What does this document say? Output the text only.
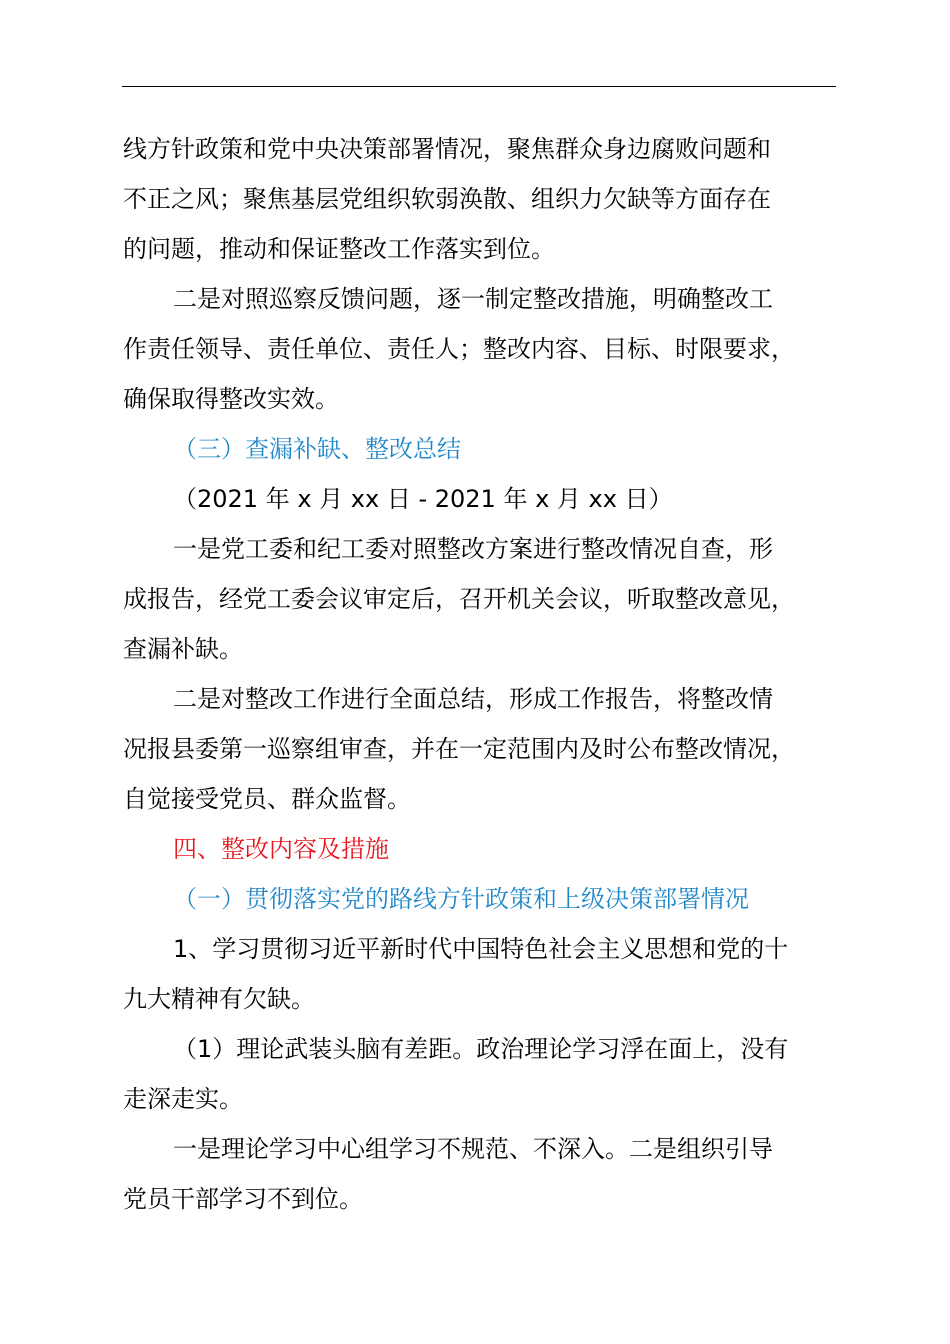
线方针政策和党中央决策部署情况，聚焦群众身边腐败问题和

不正之风；聚焦基层党组织软弱涣散、组织力欠缺等方面存在

的问题，推动和保证整改工作落实到位。

二是对照巡察反馈问题，逐一制定整改措施，明确整改工

作责任领导、责任单位、责任人；整改内容、目标、时限要求，

确保取得整改实效。

（三）查漏补缺、整改总结

（2021 年 x 月 xx 日 - 2021 年 x 月 xx 日）

一是党工委和纪工委对照整改方案进行整改情况自查，形

成报告，经党工委会议审定后，召开机关会议，听取整改意见，

查漏补缺。

二是对整改工作进行全面总结，形成工作报告，将整改情

况报县委第一巡察组审查，并在一定范围内及时公布整改情况，

自觉接受党员、群众监督。

四、整改内容及措施

（一）贯彻落实党的路线方针政策和上级决策部署情况

1、学习贯彻习近平新时代中国特色社会主义思想和党的十

九大精神有欠缺。

（1）理论武装头脑有差距。政治理论学习浮在面上，没有

走深走实。

一是理论学习中心组学习不规范、不深入。二是组织引导

党员干部学习不到位。
